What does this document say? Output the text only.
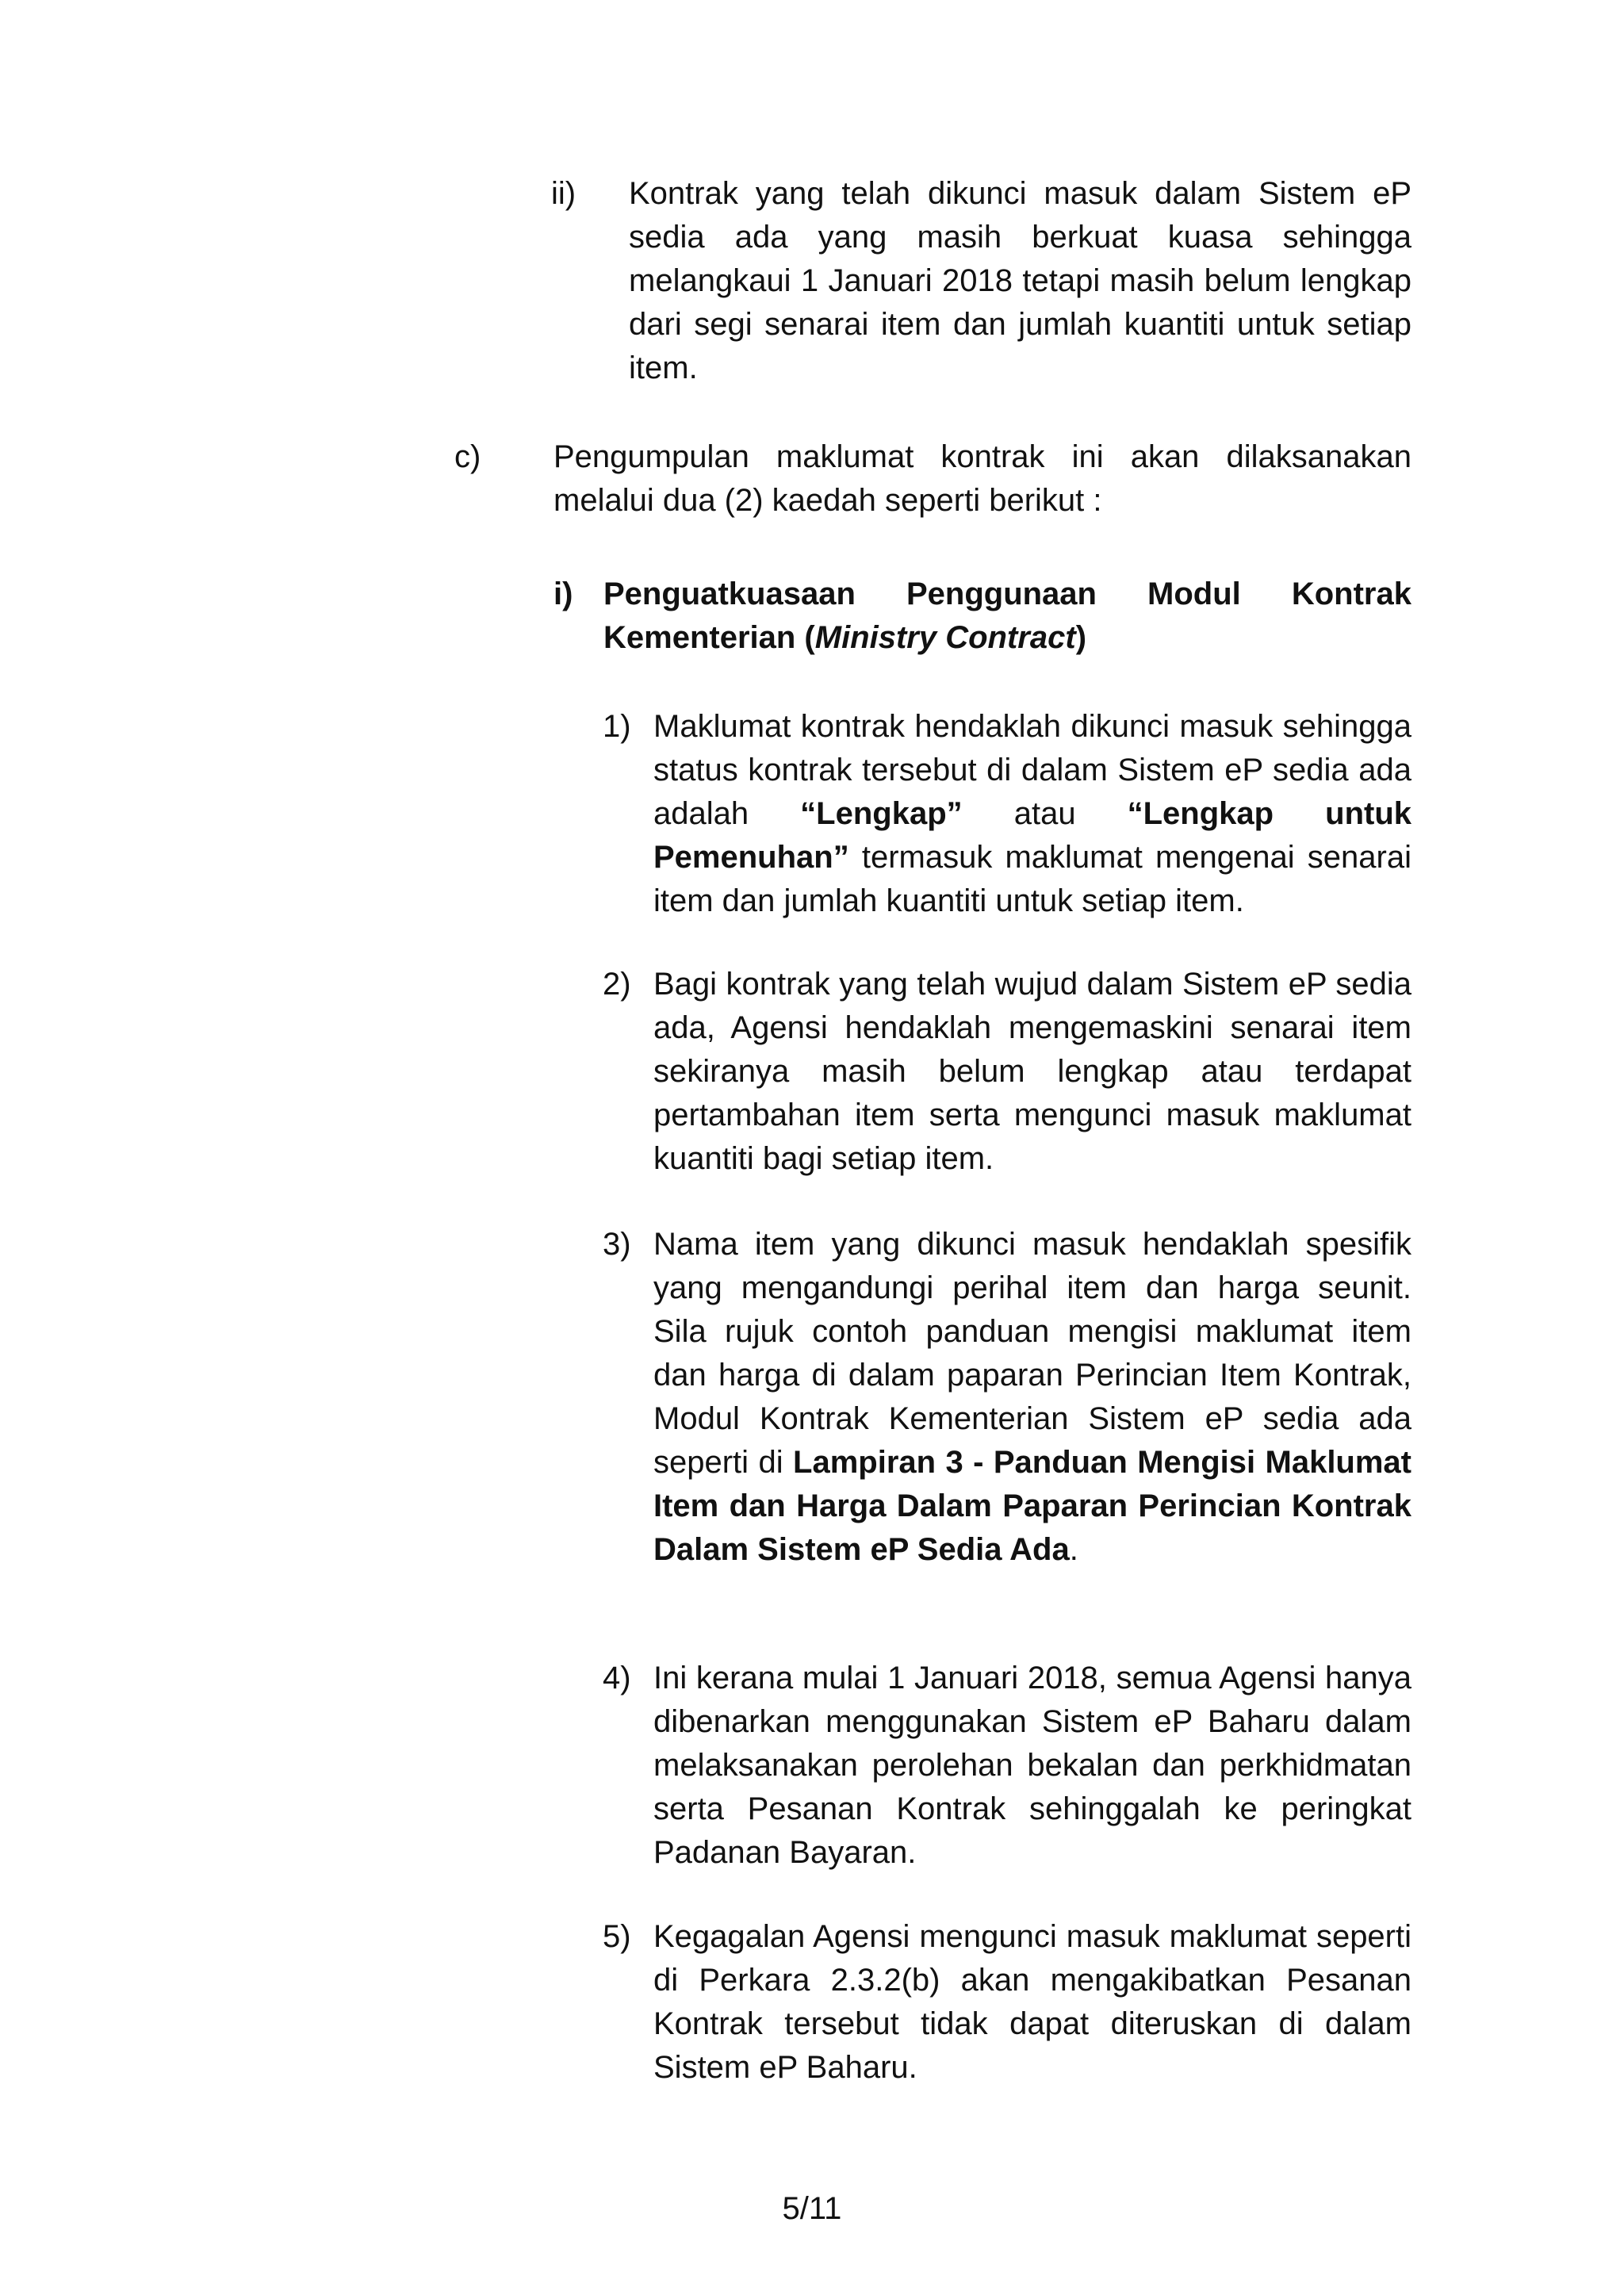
ii) Kontrak yang telah dikunci masuk dalam Sistem eP sedia ada yang masih berkuat kuasa sehingga melangkaui 1 Januari 2018 tetapi masih belum lengkap dari segi senarai item dan jumlah kuantiti untuk setiap item.
c) Pengumpulan maklumat kontrak ini akan dilaksanakan melalui dua (2) kaedah seperti berikut :
i) Penguatkuasaan Penggunaan Modul Kontrak Kementerian (Ministry Contract)
1) Maklumat kontrak hendaklah dikunci masuk sehingga status kontrak tersebut di dalam Sistem eP sedia ada adalah “Lengkap” atau “Lengkap untuk Pemenuhan” termasuk maklumat mengenai senarai item dan jumlah kuantiti untuk setiap item.
2) Bagi kontrak yang telah wujud dalam Sistem eP sedia ada, Agensi hendaklah mengemaskini senarai item sekiranya masih belum lengkap atau terdapat pertambahan item serta mengunci masuk maklumat kuantiti bagi setiap item.
3) Nama item yang dikunci masuk hendaklah spesifik yang mengandungi perihal item dan harga seunit. Sila rujuk contoh panduan mengisi maklumat item dan harga di dalam paparan Perincian Item Kontrak, Modul Kontrak Kementerian Sistem eP sedia ada seperti di Lampiran 3 - Panduan Mengisi Maklumat Item dan Harga Dalam Paparan Perincian Kontrak Dalam Sistem eP Sedia Ada.
4) Ini kerana mulai 1 Januari 2018, semua Agensi hanya dibenarkan menggunakan Sistem eP Baharu dalam melaksanakan perolehan bekalan dan perkhidmatan serta Pesanan Kontrak sehinggalah ke peringkat Padanan Bayaran.
5) Kegagalan Agensi mengunci masuk maklumat seperti di Perkara 2.3.2(b) akan mengakibatkan Pesanan Kontrak tersebut tidak dapat diteruskan di dalam Sistem eP Baharu.
5/11
